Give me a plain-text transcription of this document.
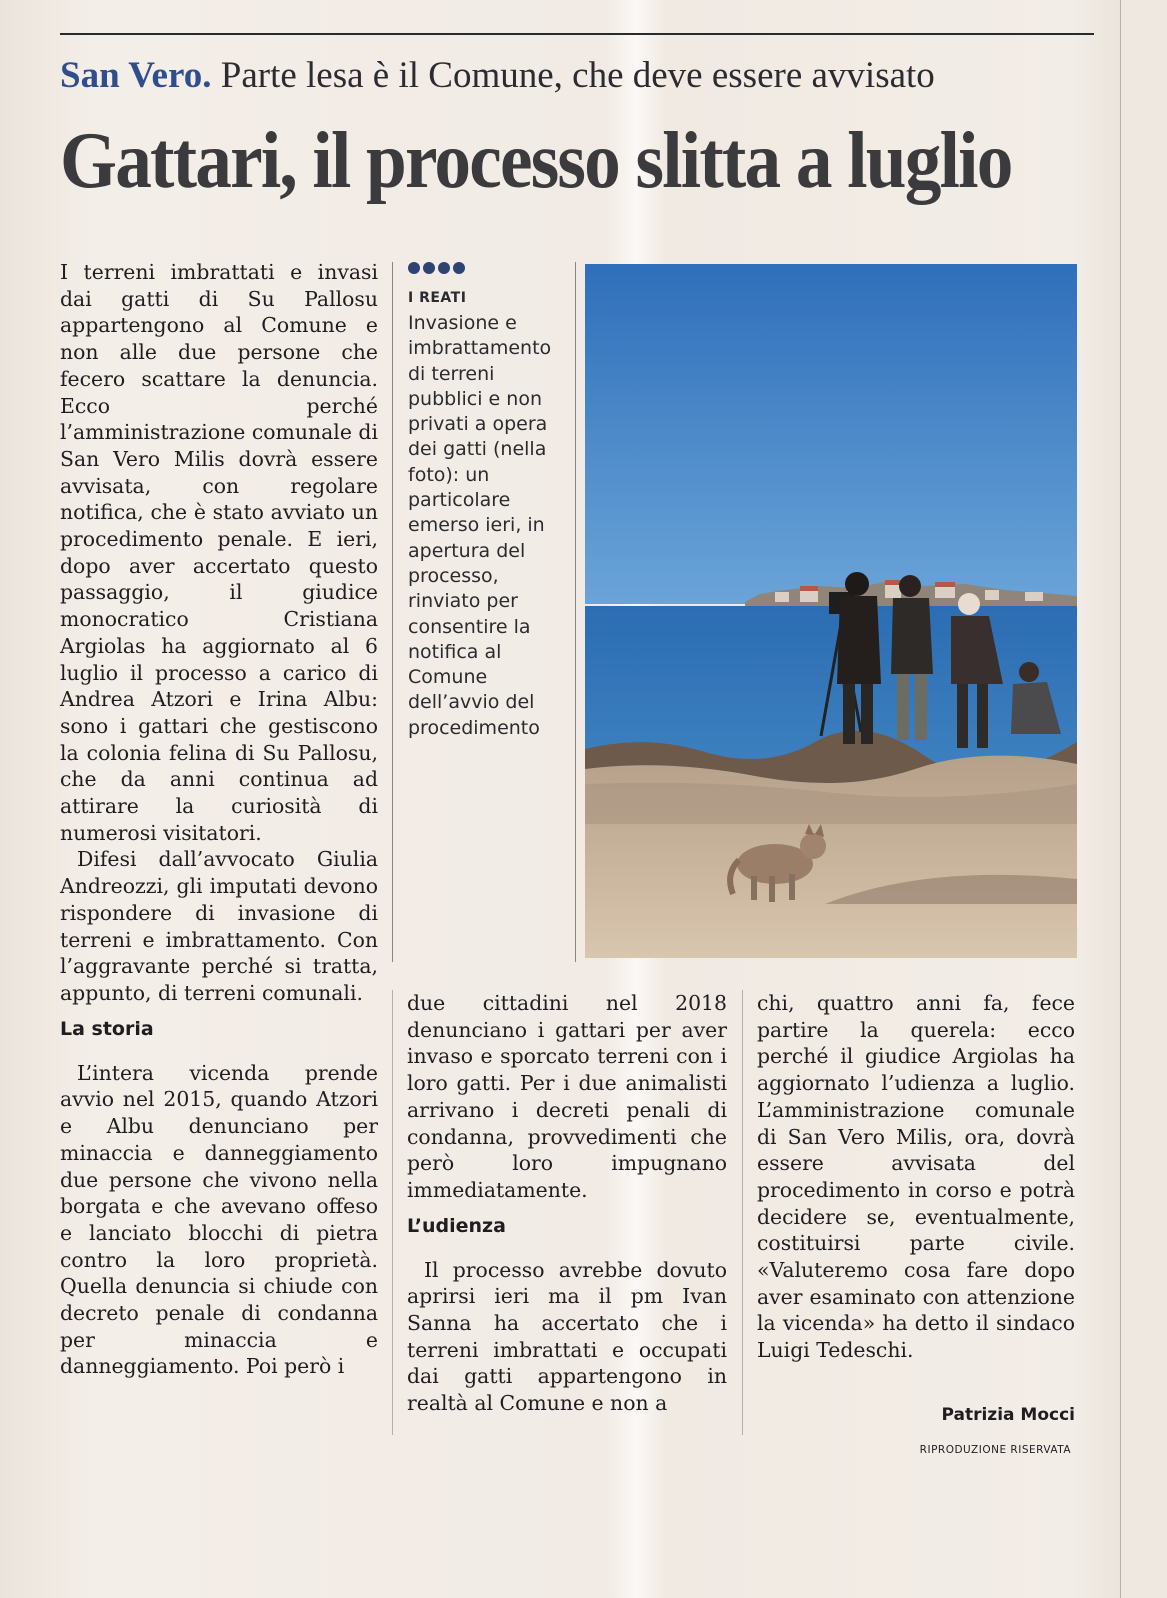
San Vero. Parte lesa è il Comune, che deve essere avvisato
Gattari, il processo slitta a luglio

I terreni imbrattati e invasi dai gatti di Su Pallosu appartengono al Comune e non alle due persone che fecero scattare la denuncia. Ecco perché l’amministrazione comunale di San Vero Milis dovrà essere avvisata, con regolare notifica, che è stato avviato un procedimento penale. E ieri, dopo aver accertato questo passaggio, il giudice monocratico Cristiana Argiolas ha aggiornato al 6 luglio il processo a carico di Andrea Atzori e Irina Albu: sono i gattari che gestiscono la colonia felina di Su Pallosu, che da anni continua ad attirare la curiosità di numerosi visitatori.

Difesi dall’avvocato Giulia Andreozzi, gli imputati devono rispondere di invasione di terreni e imbrattamento. Con l’aggravante perché si tratta, appunto, di terreni comunali.

La storia

L’intera vicenda prende avvio nel 2015, quando Atzori e Albu denunciano per minaccia e danneggiamento due persone che vivono nella borgata e che avevano offeso e lanciato blocchi di pietra contro la loro proprietà. Quella denuncia si chiude con decreto penale di condanna per minaccia e danneggiamento. Poi però i

I REATI
Invasione e imbrattamento di terreni pubblici e non privati a opera dei gatti (nella foto): un particolare emerso ieri, in apertura del processo, rinviato per consentire la notifica al Comune dell’avvio del procedimento

due cittadini nel 2018 denunciano i gattari per aver invaso e sporcato terreni con i loro gatti. Per i due animalisti arrivano i decreti penali di condanna, provvedimenti che però loro impugnano immediatamente.

L’udienza

Il processo avrebbe dovuto aprirsi ieri ma il pm Ivan Sanna ha accertato che i terreni imbrattati e occupati dai gatti appartengono in realtà al Comune e non a

chi, quattro anni fa, fece partire la querela: ecco perché il giudice Argiolas ha aggiornato l’udienza a luglio. L’amministrazione comunale di San Vero Milis, ora, dovrà essere avvisata del procedimento in corso e potrà decidere se, eventualmente, costituirsi parte civile. «Valuteremo cosa fare dopo aver esaminato con attenzione la vicenda» ha detto il sindaco Luigi Tedeschi.

Patrizia Mocci
RIPRODUZIONE RISERVATA
